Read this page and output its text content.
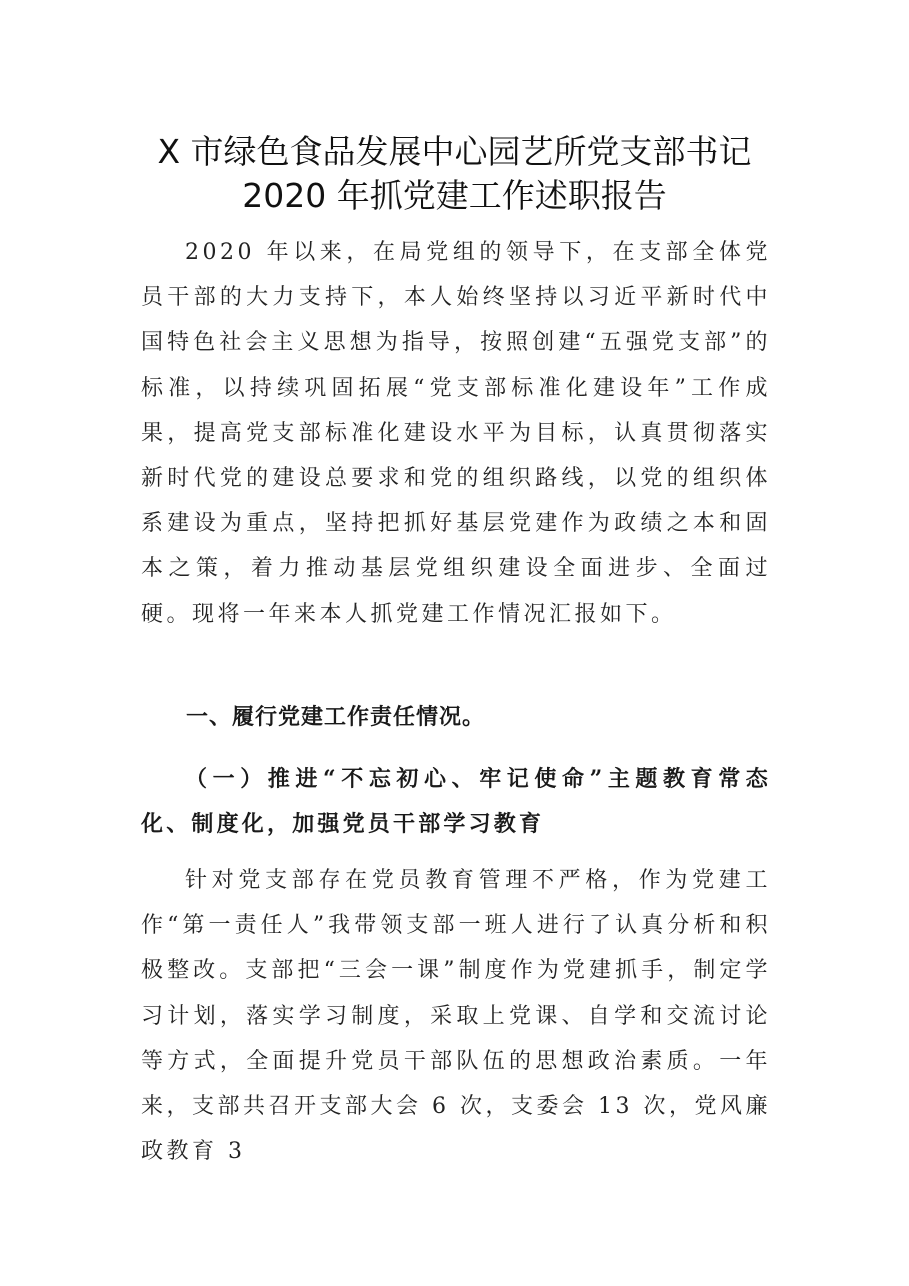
X 市绿色食品发展中心园艺所党支部书记
2020 年抓党建工作述职报告

2020 年以来，在局党组的领导下，在支部全体党员干部的大力支持下，本人始终坚持以习近平新时代中国特色社会主义思想为指导，按照创建“五强党支部”的标准，以持续巩固拓展“党支部标准化建设年”工作成果，提高党支部标准化建设水平为目标，认真贯彻落实新时代党的建设总要求和党的组织路线，以党的组织体系建设为重点，坚持把抓好基层党建作为政绩之本和固本之策，着力推动基层党组织建设全面进步、全面过硬。现将一年来本人抓党建工作情况汇报如下。

一、履行党建工作责任情况。

（一）推进“不忘初心、牢记使命”主题教育常态化、制度化，加强党员干部学习教育

针对党支部存在党员教育管理不严格，作为党建工作“第一责任人”我带领支部一班人进行了认真分析和积极整改。支部把“三会一课”制度作为党建抓手，制定学习计划，落实学习制度，采取上党课、自学和交流讨论等方式，全面提升党员干部队伍的思想政治素质。一年来，支部共召开支部大会 6 次，支委会 13 次，党风廉政教育 3
